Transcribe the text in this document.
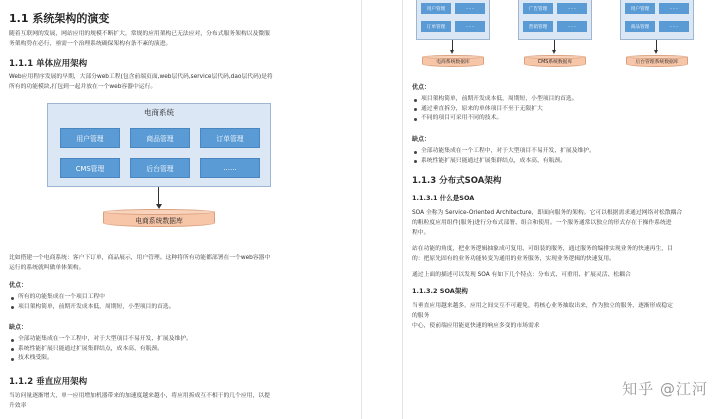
1.1 系统架构的演变
随着互联网的发展，网站应用的规模不断扩大，常规的应用架构已无法应对，分布式服务架构以及微服
务架构势在必行，亟需一个治理系统确保架构有条不紊的演进。
1.1.1 单体应用架构
Web应用程序发展的早期，大部分web工程(包含前端页面,web层代码,service层代码,dao层代码)是将
所有的功能模块,打包到一起并放在一个web容器中运行。
电商系统
用户管理	商品管理	订单管理
CMS管理	后台管理	……
电商系统数据库
比如搭建一个电商系统：客户下订单，商品展示，用户管理。这种将所有功能都部署在一个web容器中
运行的系统就叫做单体架构。
优点：
所有的功能集成在一个项目工程中
项目架构简单，前期开发成本低，周期短，小型项目的首选。
缺点：
全部功能集成在一个工程中，对于大型项目不易开发、扩展及维护。
系统性能扩展只能通过扩展集群结点，成本高、有瓶颈。
技术栈受限。
1.1.2 垂直应用架构
当访问量逐渐增大，单一应用增加机器带来的加速度越来越小，将应用拆成互不相干的几个应用，以提
升效率
用户管理	……
订单管理	……
电商系统数据库
广告管理	……
营销管理	……
CMS系统数据库
用户管理	……
商品管理	……
后台管理系统数据库
优点：
项目架构简单，前期开发成本低，周期短，小型项目的首选。
通过垂直拆分，原来的单体项目不至于无限扩大
不同的项目可采用不同的技术。
缺点：
全部功能集成在一个工程中，对于大型项目不易开发、扩展及维护。
系统性能扩展只能通过扩展集群结点，成本高、有瓶颈。
1.1.3 分布式SOA架构
1.1.3.1 什么是SOA
SOA 全称为 Service-Oriented Architecture，即面向服务的架构。它可以根据需求通过网络对松散耦合
的粗粒度应用组件(服务)进行分布式部署、组合和使用。一个服务通常以独立的形式存在于操作系统进
程中。
站在功能的角度，把业务逻辑抽象成可复用、可组装的服务，通过服务的编排实现业务的快速再生，目
的：把原先固有的业务功能转变为通用的业务服务，实现业务逻辑的快速复用。
通过上面的描述可以发现 SOA 有如下几个特点：分布式、可重用、扩展灵活、松耦合
1.1.3.2 SOA架构
当垂直应用越来越多，应用之间交互不可避免，将核心业务抽取出来，作为独立的服务，逐渐形成稳定
的服务
中心，使前端应用能更快速的响应多变的市场需求
知乎 @江河
